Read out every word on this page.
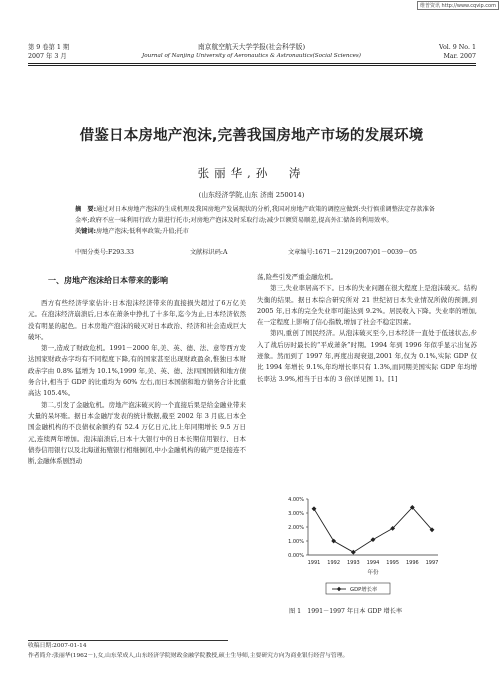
维普资讯 http://www.cqvip.com
第 9 卷第 1 期
2007 年 3 月
南京航空航天大学学报(社会科学版)
Journal of Nanjing University of Aeronautics & Astronautics(Social Sciences)
Vol. 9 No. 1
Mar. 2007
借鉴日本房地产泡沫,完善我国房地产市场的发展环境
张丽华,孙　涛
(山东经济学院,山东 济南 250014)
摘　要:通过对日本房地产泡沫的生成机理及我国房地产发展现状的分析,我国对房地产政策的调控应做到:央行慎重调整法定存款准备金率;政府不应一味利用行政力量进行托市;对房地产泡沫及时采取行动;减少巨额贸易顺差,提高外汇储备的利用效率。
关键词:房地产泡沫;低利率政策;升值;托市
中图分类号:F293.33	文献标识码:A	文章编号:1671－2129(2007)01－0039－05
一、房地产泡沫给日本带来的影响

西方有些经济学家估计:日本泡沫经济带来的直接损失超过了6万亿美元。在泡沫经济崩溃后,日本在萧条中挣扎了十多年,迄今为止,日本经济依然没有明显的起色。日本房地产泡沫的破灭对日本政治、经济和社会造成巨大破坏。

第一,造成了财政危机。1991－2000 年,美、英、德、法、意等西方发达国家财政赤字均有不同程度下降,有的国家甚至出现财政盈余,惟独日本财政赤字由 0.8% 猛增为 10.1%,1999 年,美、英、德、法四国国债和地方债务合计,相当于 GDP 的比重均为 60% 左右,而日本国债和地方债务合计比重高达 105.4%。

第二,引发了金融危机。房地产泡沫破灭的一个直接后果是给金融业带来大量的呆坏账。据日本金融厅发表的统计数据,截至 2002 年 3 月底,日本全国金融机构的不良债权余额约有 52.4 万亿日元,比上年同期增长 9.5 万日元,连续两年增加。泡沫崩溃后,日本十大银行中的日本长期信用银行、日本债券信用银行以及北海道拓殖银行相继倒闭,中小金融机构的破产更是接连不断,金融体系剧烈动

荡,险些引发严重金融危机。

第三,失业率居高不下。日本的失业问题在很大程度上是泡沫破灭。结构失衡的结果。据日本综合研究所对 21 世纪初日本失业情况所做的预测,到 2005 年,日本的完全失业率可能达到 9.2%。居民收入下降。失业率的增加,在一定程度上影响了信心指数,增加了社会不稳定因素。

第四,重创了国民经济。从泡沫破灭至今,日本经济一直处于低迷状态,步入了战后历时最长的“平成萧条”时期。1994 年到 1996 年似乎显示出复苏迹象。然而到了 1997 年,再度出现衰退,2001 年,仅为 0.1%,实际 GDP 仅比 1994 年增长 9.1%,年均增长率只有 1.3%,而同期美国实际 GDP 年均增长率达 3.9%,相当于日本的 3 倍(详见图 1)。[1]

0.00%
1.00%
2.00%
3.00%
4.00%
1991 1992 1993 1994 1995 1996 1997
年份
GDP增长率
图 1　1991－1997 年日本 GDP 增长率
收稿日期:2007-01-14
作者简介:张丽华(1962－),女,山东荣成人,山东经济学院财政金融学院教授,硕士生导师,主要研究方向为商业银行经营与管理。
